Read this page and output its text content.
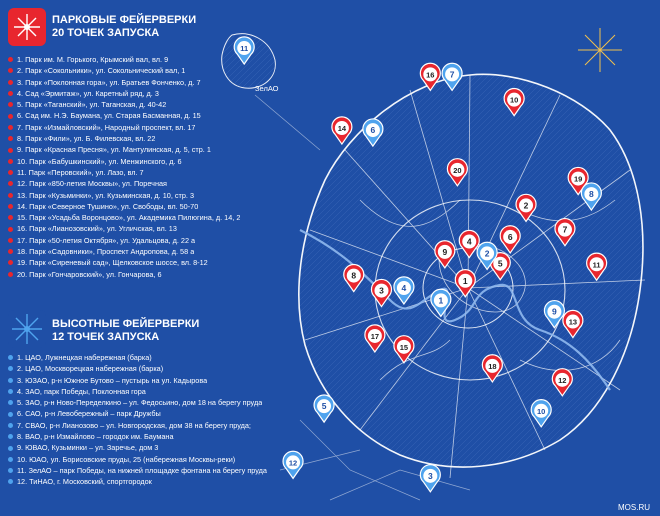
1
2
3
4
5
6
7
8
9
10
11
12
13
14
15
16
17
18
19
20
1
2
3
4
5
6
7
8
9
10
11
12
ПАРКОВЫЕ ФЕЙЕРВЕРКИ
20 ТОЧЕК ЗАПУСКА
1. Парк им. М. Горького, Крымский вал, вл. 9
2. Парк «Сокольники», ул. Сокольнический вал, 1
3. Парк «Поклонная гора», ул. Братьев Фонченко, д. 7
4. Сад «Эрмитаж», ул. Каретный ряд, д. 3
5. Парк «Таганский», ул. Таганская, д. 40-42
6. Сад им. Н.Э. Баумана, ул. Старая Басманная, д. 15
7. Парк «Измайловский», Народный проспект, вл. 17
8. Парк «Фили», ул. Б. Филевская, вл. 22
9. Парк «Красная Пресня», ул. Мантулинская, д. 5, стр. 1
10. Парк «Бабушкинский», ул. Менжинского, д. 6
11. Парк «Перовский», ул. Лазо, вл. 7
12. Парк «850-летия Москвы», ул. Поречная
13. Парк «Кузьминки», ул. Кузьминская, д. 10, стр. 3
14. Парк «Северное Тушино», ул. Свободы, вл. 50-70
15. Парк «Усадьба Воронцово», ул. Академика Пилюгина, д. 14, 2
16. Парк «Лианозовский», ул. Угличская, вл. 13
17. Парк «50-летия Октября», ул. Удальцова, д. 22 а
18. Парк «Садовники», Проспект Андропова, д. 58 а
19. Парк «Сиреневый сад», Щелковское шоссе, вл. 8-12
20. Парк «Гончаровский», ул. Гончарова, 6
ВЫСОТНЫЕ ФЕЙЕРВЕРКИ
12 ТОЧЕК ЗАПУСКА
1. ЦАО, Лужнецкая набережная (барка)
2. ЦАО, Москворецкая набережная (барка)
3. ЮЗАО, р-н Южное Бутово – пустырь на ул. Кадырова
4. ЗАО, парк Победы, Поклонная гора
5. ЗАО, р-н Ново-Переделкино – ул. Федосьино, дом 18 на берегу пруда
6. САО, р-н Левобережный – парк Дружбы
7. СВАО, р-н Лианозово – ул. Новгородская, дом 38 на берегу пруда;
8. ВАО, р-н Измайлово – городок им. Баумана
9. ЮВАО, Кузьминки – ул. Заречье, дом 3
10. ЮАО, ул. Борисовские пруды, 25 (набережная Москвы-реки)
11. ЗелАО – парк Победы, на нижней площадке фонтана на берегу пруда
12. ТиНАО, г. Московский, спортгородок
ЗелАО
MOS.RU
